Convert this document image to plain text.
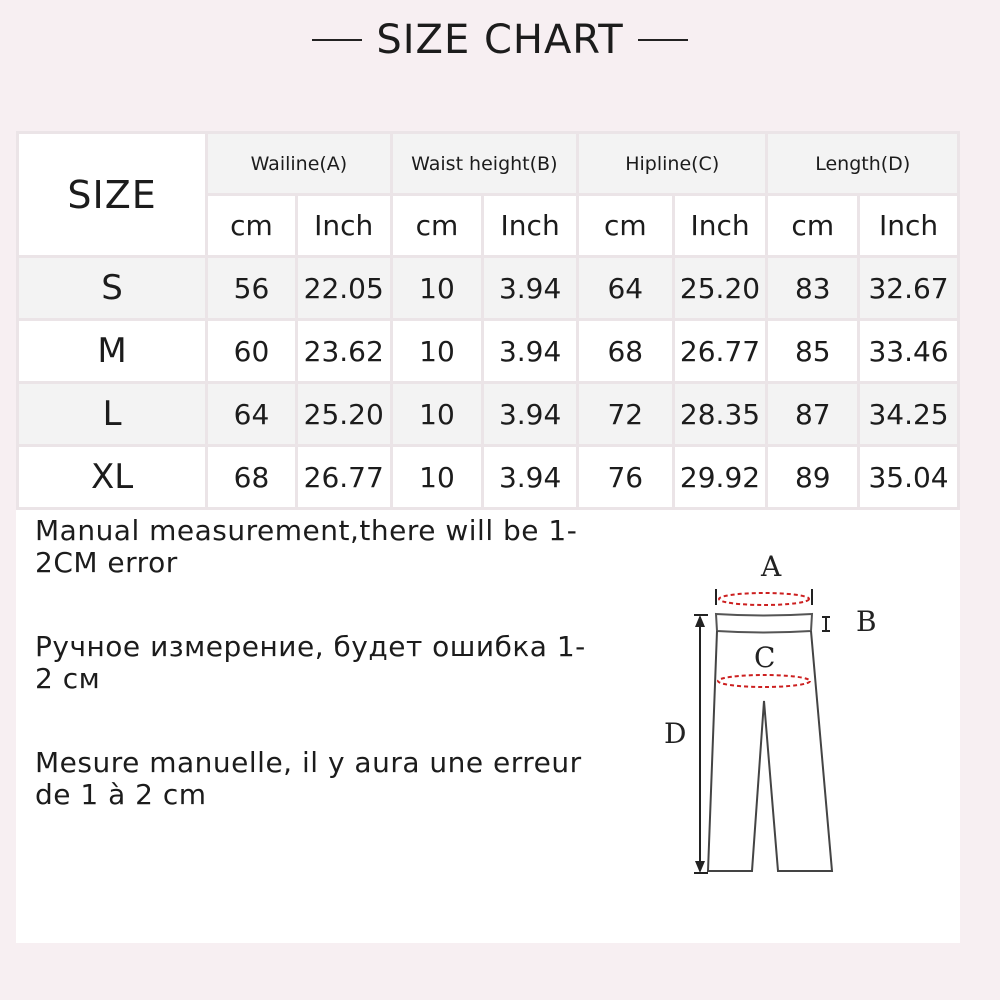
SIZE CHART
SIZE	Wailine(A)		Waist height(B)		Hipline(C)		Length(D)	
	cm	Inch	cm	Inch	cm	Inch	cm	Inch
S	56	22.05	10	3.94	64	25.20	83	32.67
M	60	23.62	10	3.94	68	26.77	85	33.46
L	64	25.20	10	3.94	72	28.35	87	34.25
XL	68	26.77	10	3.94	76	29.92	89	35.04

Manual measurement,there will be 1-2CM error

Ручное измерение, будет ошибка 1-2 см

Mesure manuelle, il y aura une erreur de 1 à 2 cm

A
B
C
D
